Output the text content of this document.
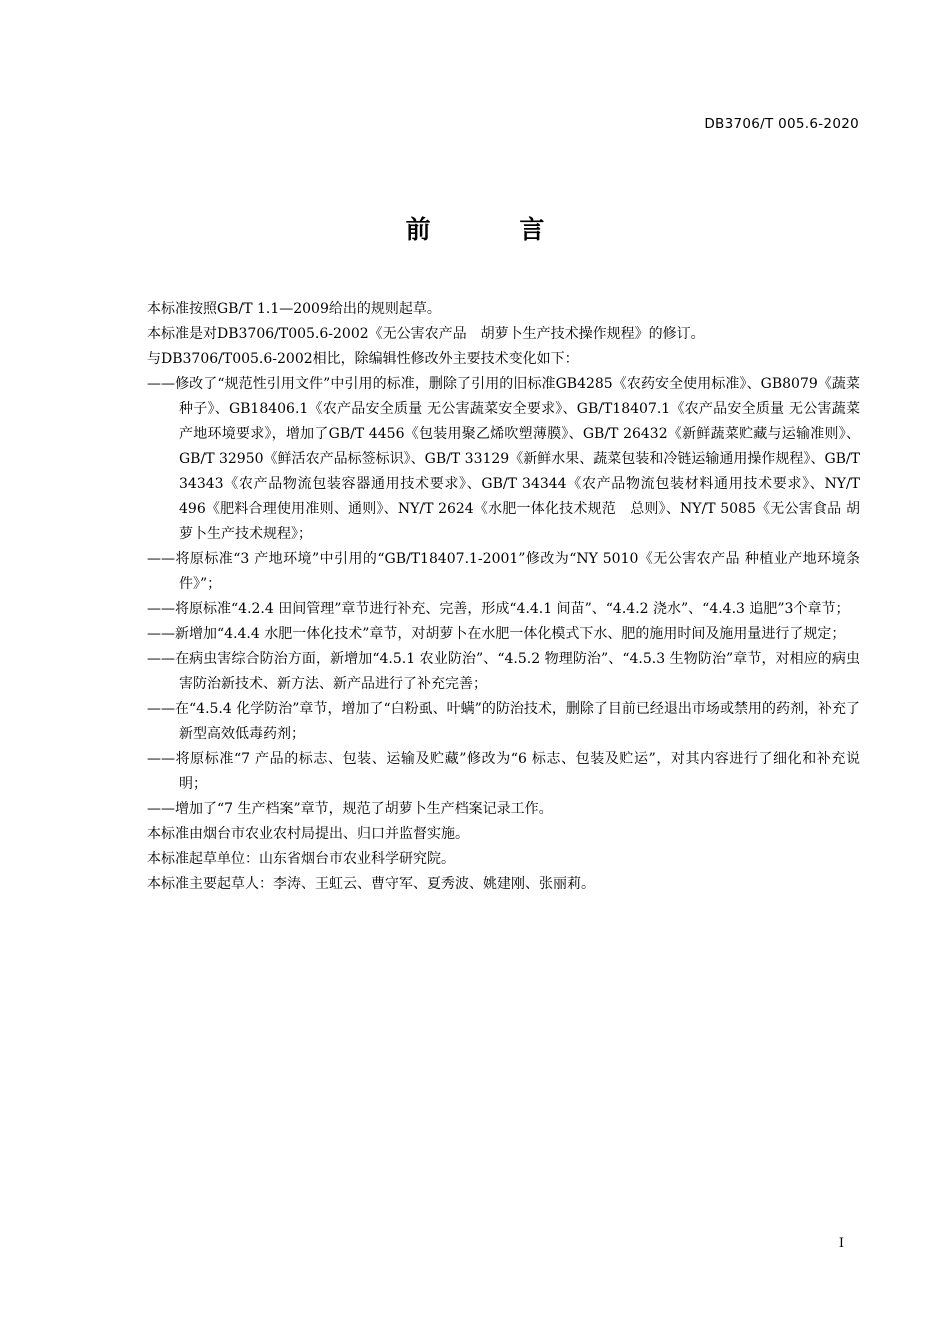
DB3706/T 005.6-2020
前 言

本标准按照GB/T 1.1—2009给出的规则起草。

本标准是对DB3706/T005.6-2002《无公害农产品　胡萝卜生产技术操作规程》的修订。

与DB3706/T005.6-2002相比，除编辑性修改外主要技术变化如下：

——修改了“规范性引用文件”中引用的标准，删除了引用的旧标准GB4285《农药安全使用标准》、GB8079《蔬菜种子》、GB18406.1《农产品安全质量 无公害蔬菜安全要求》、GB/T18407.1《农产品安全质量 无公害蔬菜产地环境要求》，增加了GB/T 4456《包装用聚乙烯吹塑薄膜》、GB/T 26432《新鲜蔬菜贮藏与运输准则》、GB/T 32950《鲜活农产品标签标识》、GB/T 33129《新鲜水果、蔬菜包装和冷链运输通用操作规程》、GB/T 34343《农产品物流包装容器通用技术要求》、GB/T 34344《农产品物流包装材料通用技术要求》、NY/T 496《肥料合理使用准则、通则》、NY/T 2624《水肥一体化技术规范　总则》、NY/T 5085《无公害食品 胡萝卜生产技术规程》；

——将原标准“3 产地环境”中引用的“GB/T18407.1-2001”修改为“NY 5010《无公害农产品 种植业产地环境条件》”；

——将原标准“4.2.4 田间管理”章节进行补充、完善，形成“4.4.1 间苗”、“4.4.2 浇水”、“4.4.3 追肥”3个章节；

——新增加“4.4.4 水肥一体化技术”章节，对胡萝卜在水肥一体化模式下水、肥的施用时间及施用量进行了规定；

——在病虫害综合防治方面，新增加“4.5.1 农业防治”、“4.5.2 物理防治”、“4.5.3 生物防治”章节，对相应的病虫害防治新技术、新方法、新产品进行了补充完善；

——在“4.5.4 化学防治”章节，增加了“白粉虱、叶螨”的防治技术，删除了目前已经退出市场或禁用的药剂，补充了新型高效低毒药剂；

——将原标准“7 产品的标志、包装、运输及贮藏”修改为“6 标志、包装及贮运”，对其内容进行了细化和补充说明；

——增加了“7 生产档案”章节，规范了胡萝卜生产档案记录工作。

本标准由烟台市农业农村局提出、归口并监督实施。

本标准起草单位：山东省烟台市农业科学研究院。

本标准主要起草人：李涛、王虹云、曹守军、夏秀波、姚建刚、张丽莉。

I
